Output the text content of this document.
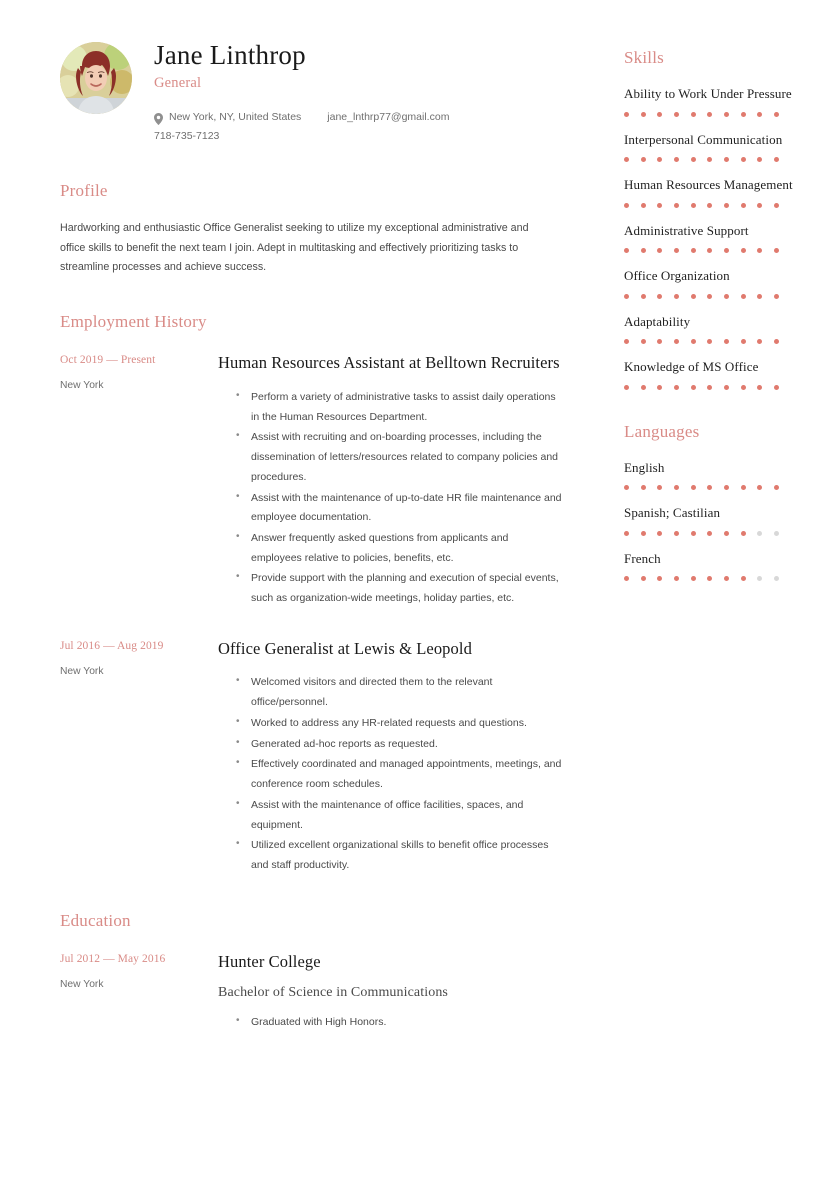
Jane Linthrop
General
New York, NY, United States jane_lnthrp77@gmail.com
718-735-7123
Profile
Hardworking and enthusiastic Office Generalist seeking to utilize my exceptional administrative and office skills to benefit the next team I join. Adept in multitasking and effectively prioritizing tasks to streamline processes and achieve success.
Employment History
Oct 2019 — Present
New York
Human Resources Assistant at Belltown Recruiters
• Perform a variety of administrative tasks to assist daily operations in the Human Resources Department.
• Assist with recruiting and on-boarding processes, including the dissemination of letters/resources related to company policies and procedures.
• Assist with the maintenance of up-to-date HR file maintenance and employee documentation.
• Answer frequently asked questions from applicants and employees relative to policies, benefits, etc.
• Provide support with the planning and execution of special events, such as organization-wide meetings, holiday parties, etc.
Jul 2016 — Aug 2019
New York
Office Generalist at Lewis & Leopold
• Welcomed visitors and directed them to the relevant office/personnel.
• Worked to address any HR-related requests and questions.
• Generated ad-hoc reports as requested.
• Effectively coordinated and managed appointments, meetings, and conference room schedules.
• Assist with the maintenance of office facilities, spaces, and equipment.
• Utilized excellent organizational skills to benefit office processes and staff productivity.
Education
Jul 2012 — May 2016
New York
Hunter College
Bachelor of Science in Communications
• Graduated with High Honors.
Skills
Ability to Work Under Pressure
Interpersonal Communication
Human Resources Management
Administrative Support
Office Organization
Adaptability
Knowledge of MS Office
Languages
English
Spanish; Castilian
French
